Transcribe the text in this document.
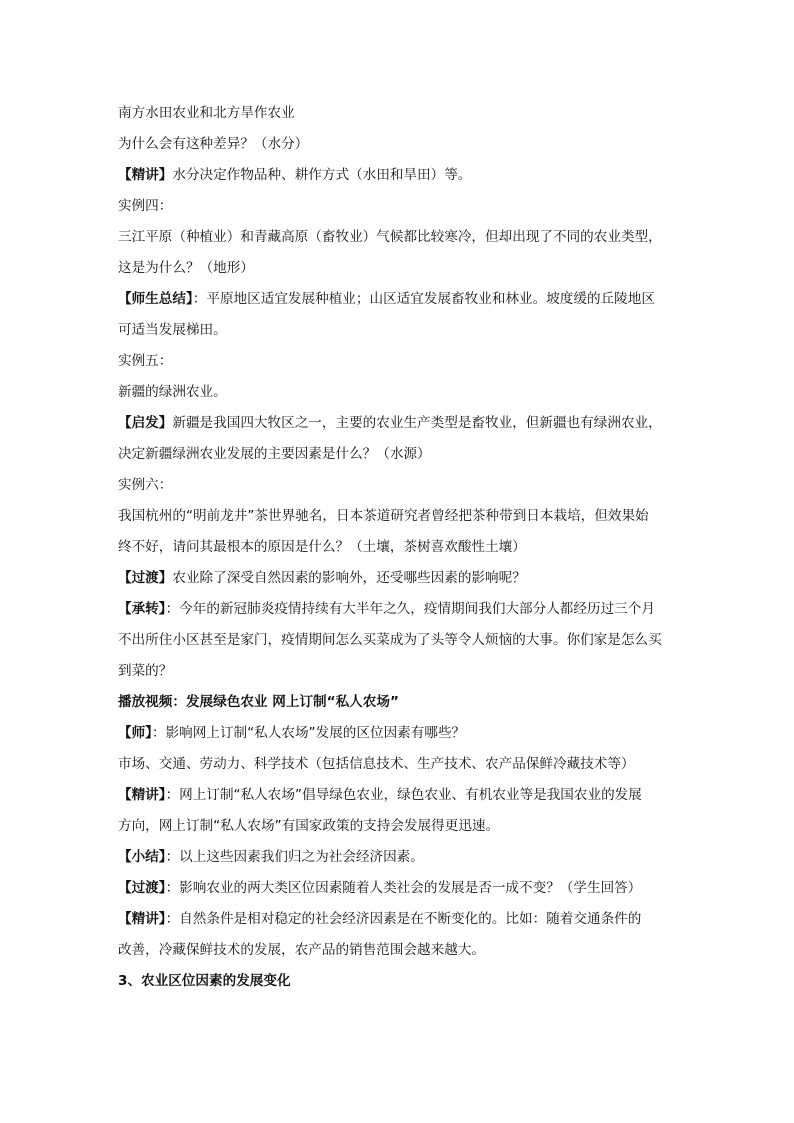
南方水田农业和北方旱作农业
为什么会有这种差异？（水分）
【精讲】水分决定作物品种、耕作方式（水田和旱田）等。
实例四：
三江平原（种植业）和青藏高原（畜牧业）气候都比较寒冷，但却出现了不同的农业类型，
这是为什么？（地形）
【师生总结】：平原地区适宜发展种植业；山区适宜发展畜牧业和林业。坡度缓的丘陵地区
可适当发展梯田。
实例五：
新疆的绿洲农业。
【启发】新疆是我国四大牧区之一，主要的农业生产类型是畜牧业，但新疆也有绿洲农业，
决定新疆绿洲农业发展的主要因素是什么？（水源）
实例六：
我国杭州的“明前龙井”茶世界驰名，日本茶道研究者曾经把茶种带到日本栽培，但效果始
终不好，请问其最根本的原因是什么？（土壤，茶树喜欢酸性土壤）
【过渡】农业除了深受自然因素的影响外，还受哪些因素的影响呢？
【承转】：今年的新冠肺炎疫情持续有大半年之久，疫情期间我们大部分人都经历过三个月
不出所住小区甚至是家门，疫情期间怎么买菜成为了头等令人烦恼的大事。你们家是怎么买
到菜的？
播放视频：发展绿色农业 网上订制“私人农场”
【师】：影响网上订制“私人农场”发展的区位因素有哪些？
市场、交通、劳动力、科学技术（包括信息技术、生产技术、农产品保鲜冷藏技术等）
【精讲】：网上订制“私人农场”倡导绿色农业，绿色农业、有机农业等是我国农业的发展
方向，网上订制“私人农场”有国家政策的支持会发展得更迅速。
【小结】：以上这些因素我们归之为社会经济因素。
【过渡】：影响农业的两大类区位因素随着人类社会的发展是否一成不变？（学生回答）
【精讲】：自然条件是相对稳定的社会经济因素是在不断变化的。比如：随着交通条件的
改善，冷藏保鲜技术的发展，农产品的销售范围会越来越大。
3、农业区位因素的发展变化
